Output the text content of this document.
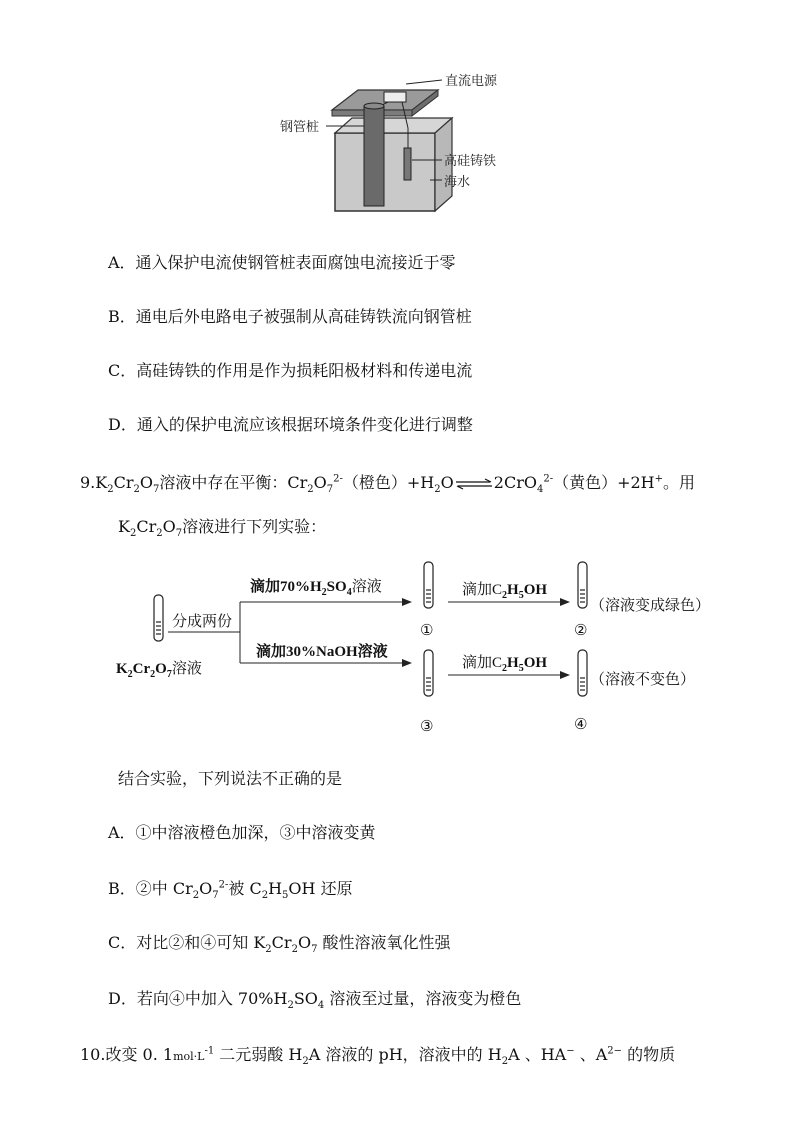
直流电源
钢管桩
高硅铸铁
海水
A．通入保护电流使钢管桩表面腐蚀电流接近于零
B．通电后外电路电子被强制从高硅铸铁流向钢管桩
C．高硅铸铁的作用是作为损耗阳极材料和传递电流
D．通入的保护电流应该根据环境条件变化进行调整
$9.K_2Cr_2O_7$溶液中存在平衡：$Cr_2O_7^{2-}$（橙色）$+H_2O\rightleftharpoons 2CrO_4^{2-}$（黄色）+2H+。用
$K_2Cr_2O_7$溶液进行下列实验：
$K_2Cr_2O_7$溶液
分成两份
滴加$70\%H_2SO_4$溶液
滴加30%NaOH溶液
①
③
滴加$C_2H_5OH$
滴加$C_2H_5OH$
②
（溶液变成绿色）
④
（溶液不变色）
结合实验，下列说法不正确的是
A．①中溶液橙色加深，③中溶液变黄
B．②中 $Cr_2O_7^{2-}$被 $C_2H_5OH$ 还原
C．对比②和④可知 $K_2Cr_2O_7$ 酸性溶液氧化性强
D．若向④中加入 $70\%H_2SO_4$ 溶液至过量，溶液变为橙色
10.改变 0. $1mol\cdot L^{-1}$ 二元弱酸 $H_2A$ 溶液的 pH，溶液中的 $H_2A$ 、HA− 、$A^{2-}$ 的物质
